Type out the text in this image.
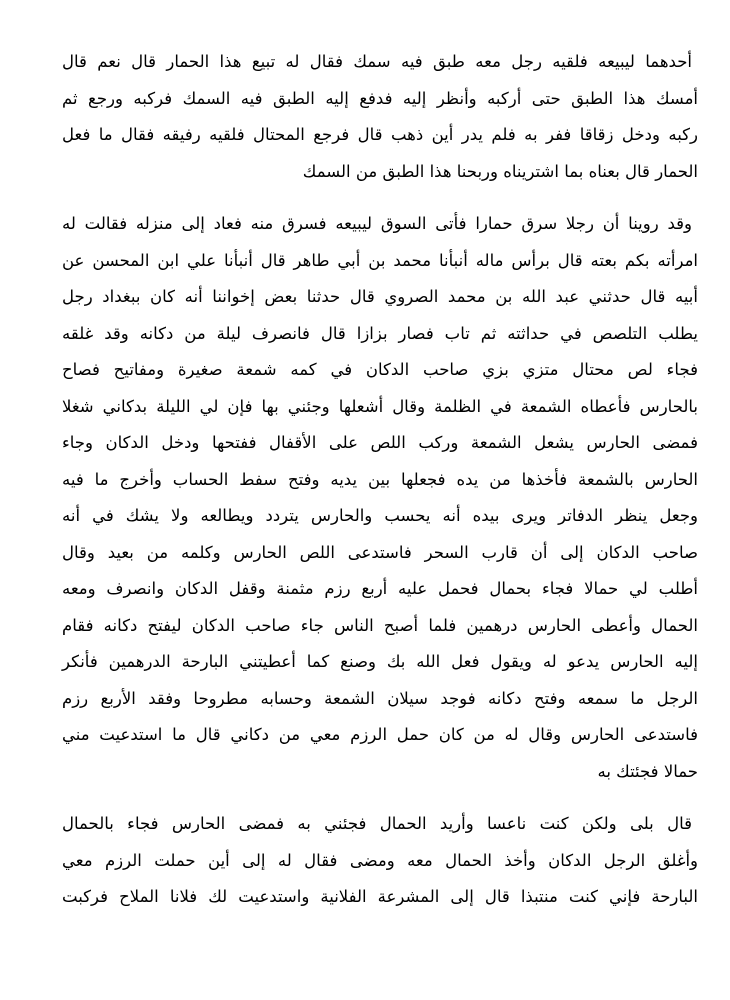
أحدهما ليبيعه فلقيه رجل معه طبق فيه سمك فقال له تبيع هذا الحمار قال نعم قال
أمسك هذا الطبق حتى أركبه وأنظر إليه فدفع إليه الطبق فيه السمك فركبه ورجع ثم
ركبه ودخل زقاقا ففر به فلم يدر أين ذهب قال فرجع المحتال فلقيه رفيقه فقال ما فعل
الحمار قال بعناه بما اشتريناه وربحنا هذا الطبق من السمك

وقد روينا أن رجلا سرق حمارا فأتى السوق ليبيعه فسرق منه فعاد إلى منزله فقالت له
امرأته بكم بعته قال برأس ماله أنبأنا محمد بن أبي طاهر قال أنبأنا علي ابن المحسن عن
أبيه قال حدثني عبد الله بن محمد الصروي قال حدثنا بعض إخواننا أنه كان ببغداد رجل
يطلب التلصص في حداثته ثم تاب فصار بزازا قال فانصرف ليلة من دكانه وقد غلقه
فجاء لص محتال متزي بزي صاحب الدكان في كمه شمعة صغيرة ومفاتيح فصاح
بالحارس فأعطاه الشمعة في الظلمة وقال أشعلها وجئني بها فإن لي الليلة بدكاني شغلا
فمضى الحارس يشعل الشمعة وركب اللص على الأقفال ففتحها ودخل الدكان وجاء
الحارس بالشمعة فأخذها من يده فجعلها بين يديه وفتح سفط الحساب وأخرج ما فيه
وجعل ينظر الدفاتر ويرى بيده أنه يحسب والحارس يتردد ويطالعه ولا يشك في أنه
صاحب الدكان إلى أن قارب السحر فاستدعى اللص الحارس وكلمه من بعيد وقال
أطلب لي حمالا فجاء بحمال فحمل عليه أربع رزم مثمنة وقفل الدكان وانصرف ومعه
الحمال وأعطى الحارس درهمين فلما أصبح الناس جاء صاحب الدكان ليفتح دكانه فقام
إليه الحارس يدعو له ويقول فعل الله بك وصنع كما أعطيتني البارحة الدرهمين فأنكر
الرجل ما سمعه وفتح دكانه فوجد سيلان الشمعة وحسابه مطروحا وفقد الأربع رزم
فاستدعى الحارس وقال له من كان حمل الرزم معي من دكاني قال ما استدعيت مني
حمالا فجئتك به

قال بلى ولكن كنت ناعسا وأريد الحمال فجئني به فمضى الحارس فجاء بالحمال
وأغلق الرجل الدكان وأخذ الحمال معه ومضى فقال له إلى أين حملت الرزم معي
البارحة فإني كنت منتبذا قال إلى المشرعة الفلانية واستدعيت لك فلانا الملاح فركبت
